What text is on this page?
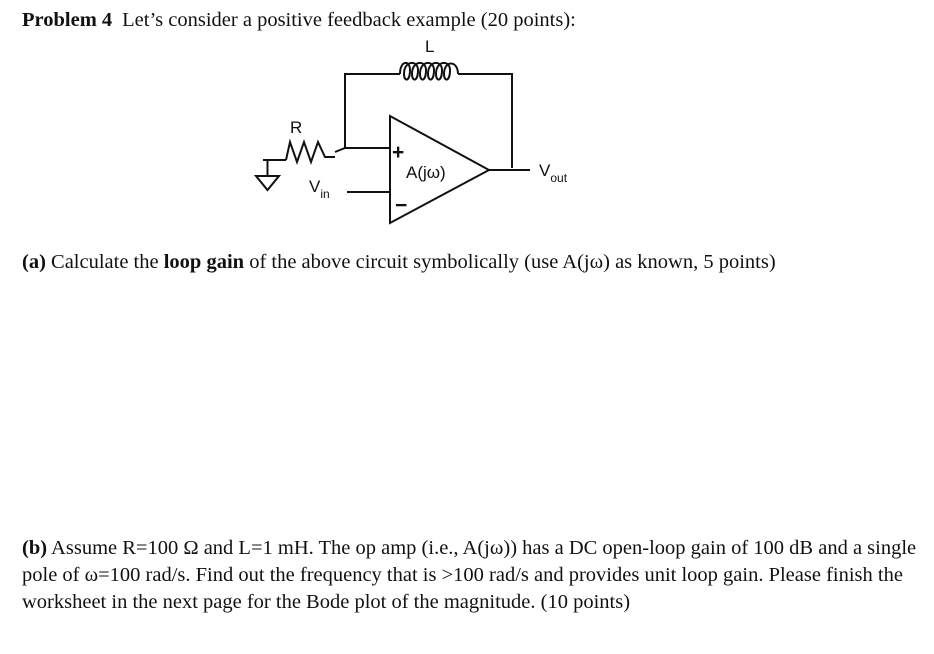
Problem 4 Let’s consider a positive feedback example (20 points):
L
R
+
−
A(jω)
$V_{in}$
$V_{out}$
(a) Calculate the loop gain of the above circuit symbolically (use A(jω) as known, 5 points)
(b) Assume R=100 Ω and L=1 mH. The op amp (i.e., A(jω)) has a DC open-loop gain of 100 dB and a single pole of ω=100 rad/s. Find out the frequency that is >100 rad/s and provides unit loop gain. Please finish the worksheet in the next page for the Bode plot of the magnitude. (10 points)
